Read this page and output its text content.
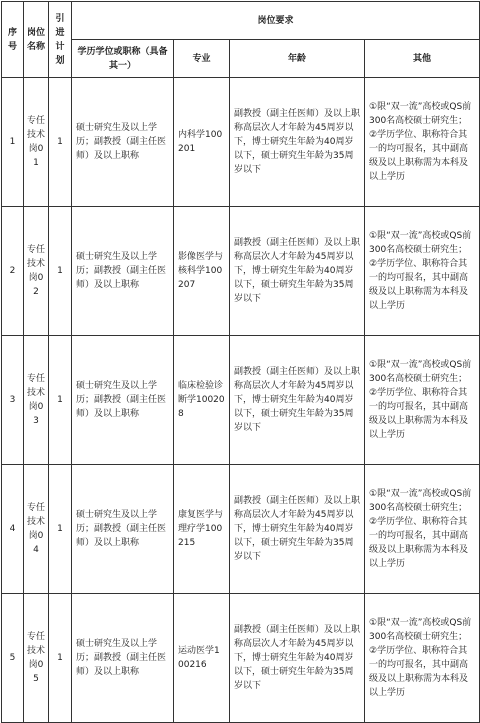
序号	岗位名称	引进计划	岗位要求			
			学历学位或职称（具备其一）	专业	年龄	其他
1	专任技术岗01	1	硕士研究生及以上学历；副教授（副主任医师）及以上职称	内科学100201	副教授（副主任医师）及以上职称高层次人才年龄为45周岁以下，博士研究生年龄为40周岁以下，硕士研究生年龄为35周岁以下	①限“双一流”高校或QS前300名高校硕士研究生；②学历学位、职称符合其一的均可报名，其中副高级及以上职称需为本科及以上学历
2	专任技术岗02	1	硕士研究生及以上学历；副教授（副主任医师）及以上职称	影像医学与核科学100207	副教授（副主任医师）及以上职称高层次人才年龄为45周岁以下，博士研究生年龄为40周岁以下，硕士研究生年龄为35周岁以下	①限“双一流”高校或QS前300名高校硕士研究生；②学历学位、职称符合其一的均可报名，其中副高级及以上职称需为本科及以上学历
3	专任技术岗03	1	硕士研究生及以上学历；副教授（副主任医师）及以上职称	临床检验诊断学100208	副教授（副主任医师）及以上职称高层次人才年龄为45周岁以下，博士研究生年龄为40周岁以下，硕士研究生年龄为35周岁以下	①限“双一流”高校或QS前300名高校硕士研究生；②学历学位、职称符合其一的均可报名，其中副高级及以上职称需为本科及以上学历
4	专任技术岗04	1	硕士研究生及以上学历；副教授（副主任医师）及以上职称	康复医学与理疗学100215	副教授（副主任医师）及以上职称高层次人才年龄为45周岁以下，博士研究生年龄为40周岁以下，硕士研究生年龄为35周岁以下	①限“双一流”高校或QS前300名高校硕士研究生；②学历学位、职称符合其一的均可报名，其中副高级及以上职称需为本科及以上学历
5	专任技术岗05	1	硕士研究生及以上学历；副教授（副主任医师）及以上职称	运动医学100216	副教授（副主任医师）及以上职称高层次人才年龄为45周岁以下，博士研究生年龄为40周岁以下，硕士研究生年龄为35周岁以下	①限“双一流”高校或QS前300名高校硕士研究生；②学历学位、职称符合其一的均可报名，其中副高级及以上职称需为本科及以上学历
